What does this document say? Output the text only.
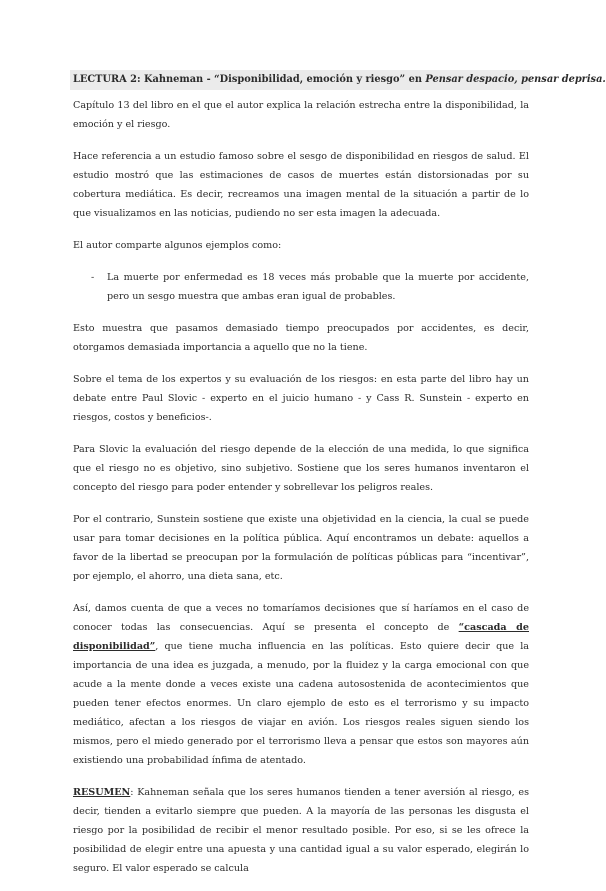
LECTURA 2: Kahneman - “Disponibilidad, emoción y riesgo” en Pensar despacio, pensar deprisa.

Capítulo 13 del libro en el que el autor explica la relación estrecha entre la disponibilidad, la emoción y el riesgo.

Hace referencia a un estudio famoso sobre el sesgo de disponibilidad en riesgos de salud. El estudio mostró que las estimaciones de casos de muertes están distorsionadas por su cobertura mediática. Es decir, recreamos una imagen mental de la situación a partir de lo que visualizamos en las noticias, pudiendo no ser esta imagen la adecuada.

El autor comparte algunos ejemplos como:

- La muerte por enfermedad es 18 veces más probable que la muerte por accidente, pero un sesgo muestra que ambas eran igual de probables.

Esto muestra que pasamos demasiado tiempo preocupados por accidentes, es decir, otorgamos demasiada importancia a aquello que no la tiene.

Sobre el tema de los expertos y su evaluación de los riesgos: en esta parte del libro hay un debate entre Paul Slovic - experto en el juicio humano - y Cass R. Sunstein - experto en riesgos, costos y beneficios-.

Para Slovic la evaluación del riesgo depende de la elección de una medida, lo que significa que el riesgo no es objetivo, sino subjetivo. Sostiene que los seres humanos inventaron el concepto del riesgo para poder entender y sobrellevar los peligros reales.

Por el contrario, Sunstein sostiene que existe una objetividad en la ciencia, la cual se puede usar para tomar decisiones en la política pública. Aquí encontramos un debate: aquellos a favor de la libertad se preocupan por la formulación de políticas públicas para “incentivar”, por ejemplo, el ahorro, una dieta sana, etc.

Así, damos cuenta de que a veces no tomaríamos decisiones que sí haríamos en el caso de conocer todas las consecuencias. Aquí se presenta el concepto de “cascada de disponibilidad”, que tiene mucha influencia en las políticas. Esto quiere decir que la importancia de una idea es juzgada, a menudo, por la fluidez y la carga emocional con que acude a la mente donde a veces existe una cadena autosostenida de acontecimientos que pueden tener efectos enormes. Un claro ejemplo de esto es el terrorismo y su impacto mediático, afectan a los riesgos de viajar en avión. Los riesgos reales siguen siendo los mismos, pero el miedo generado por el terrorismo lleva a pensar que estos son mayores aún existiendo una probabilidad ínfima de atentado.

RESUMEN: Kahneman señala que los seres humanos tienden a tener aversión al riesgo, es decir, tienden a evitarlo siempre que pueden. A la mayoría de las personas les disgusta el riesgo por la posibilidad de recibir el menor resultado posible. Por eso, si se les ofrece la posibilidad de elegir entre una apuesta y una cantidad igual a su valor esperado, elegirán lo seguro. El valor esperado se calcula
